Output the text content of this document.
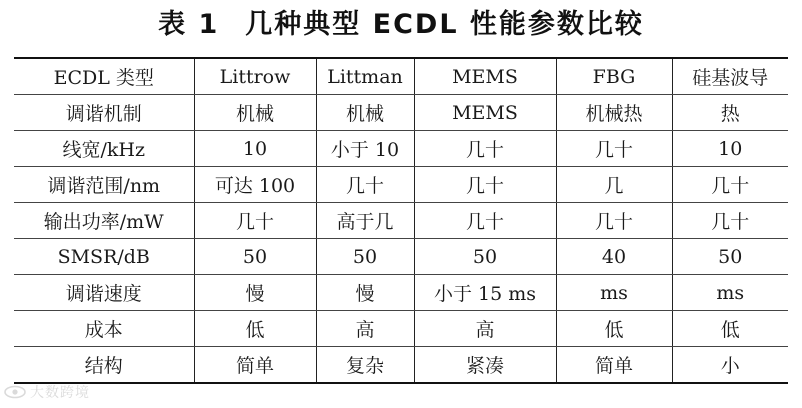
表 1 几种典型 ECDL 性能参数比较
ECDL 类型	Littrow	Littman	MEMS	FBG	硅基波导
调谐机制	机械	机械	MEMS	机械热	热
线宽/kHz	10	小于 10	几十	几十	10
调谐范围/nm	可达 100	几十	几十	几	几十
输出功率/mW	几十	高于几	几十	几十	几十
SMSR/dB	50	50	50	40	50
调谐速度	慢	慢	小于 15 ms	ms	ms
成本	低	高	高	低	低
结构	简单	复杂	紧凑	简单	小
大数跨境
